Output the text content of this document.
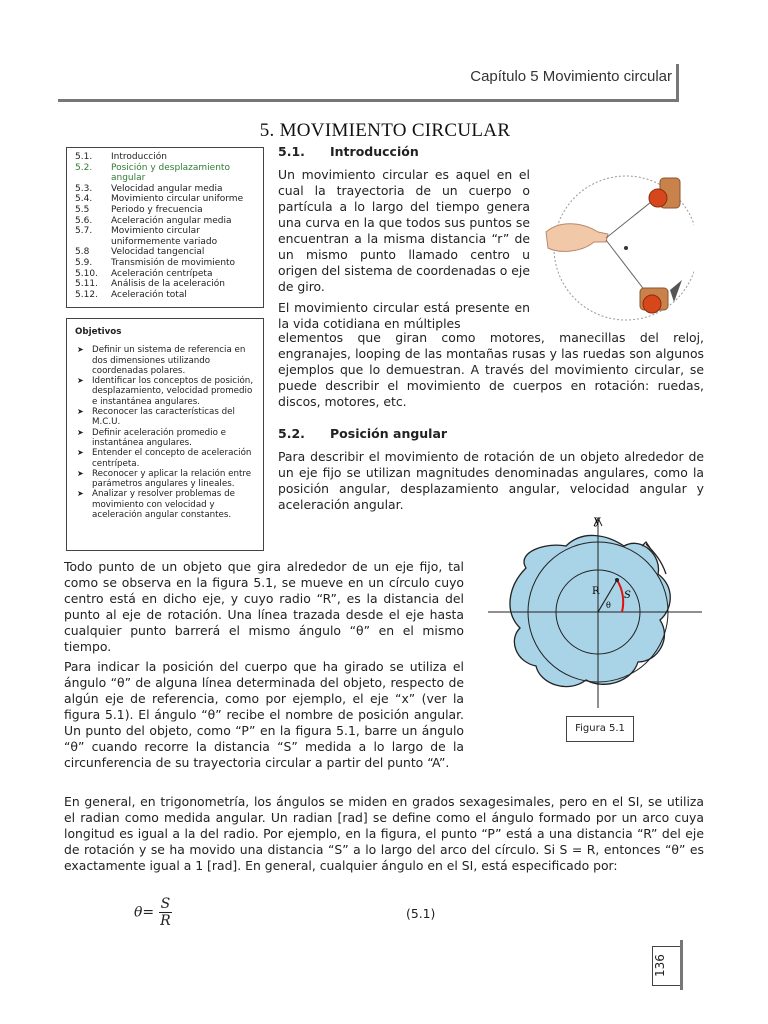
Capítulo 5 Movimiento circular
5. MOVIMIENTO CIRCULAR
5.1.	Introducción
5.2.	Posición y desplazamiento angular
5.3.	Velocidad angular media
5.4.	Movimiento circular uniforme
5.5	Periodo y frecuencia
5.6.	Aceleración angular media
5.7.	Movimiento circular uniformemente variado
5.8	Velocidad tangencial
5.9.	Transmisión de movimiento
5.10.	Aceleración centrípeta
5.11.	Análisis de la aceleración
5.12.	Aceleración total
Objetivos
➤ Definir un sistema de referencia en dos dimensiones utilizando coordenadas polares.
➤ Identificar los conceptos de posición, desplazamiento, velocidad promedio e instantánea angulares.
➤ Reconocer las características del M.C.U.
➤ Definir aceleración promedio e instantánea angulares.
➤ Entender el concepto de aceleración centrípeta.
➤ Reconocer y aplicar la relación entre parámetros angulares y lineales.
➤ Analizar y resolver problemas de movimiento con velocidad y aceleración angular constantes.
5.1. Introducción
Un movimiento circular es aquel en el cual la trayectoria de un cuerpo o partícula a lo largo del tiempo genera una curva en la que todos sus puntos se encuentran a la misma distancia “r” de un mismo punto llamado centro u origen del sistema de coordenadas o eje de giro.
El movimiento circular está presente en la vida cotidiana en múltiples
elementos que giran como motores, manecillas del reloj, engranajes, looping de las montañas rusas y las ruedas son algunos ejemplos que lo demuestran. A través del movimiento circular, se puede describir el movimiento de cuerpos en rotación: ruedas, discos, motores, etc.
5.2. Posición angular
Para describir el movimiento de rotación de un objeto alrededor de un eje fijo se utilizan magnitudes denominadas angulares, como la posición angular, desplazamiento angular, velocidad angular y aceleración angular.
Todo punto de un objeto que gira alrededor de un eje fijo, tal como se observa en la figura 5.1, se mueve en un círculo cuyo centro está en dicho eje, y cuyo radio “R”, es la distancia del punto al eje de rotación. Una línea trazada desde el eje hasta cualquier punto barrerá el mismo ángulo “θ” en el mismo tiempo.
Para indicar la posición del cuerpo que ha girado se utiliza el ángulo “θ” de alguna línea determinada del objeto, respecto de algún eje de referencia, como por ejemplo, el eje “x” (ver la figura 5.1). El ángulo “θ” recibe el nombre de posición angular. Un punto del objeto, como “P” en la figura 5.1, barre un ángulo “θ” cuando recorre la distancia “S” medida a lo largo de la circunferencia de su trayectoria circular a partir del punto “A”.
En general, en trigonometría, los ángulos se miden en grados sexagesimales, pero en el SI, se utiliza el radian como medida angular. Un radian [rad] se define como el ángulo formado por un arco cuya longitud es igual a la del radio. Por ejemplo, en la figura, el punto “P” está a una distancia “R” del eje de rotación y se ha movido una distancia “S” a lo largo del arco del círculo. Si S = R, entonces “θ” es exactamente igual a 1 [rad]. En general, cualquier ángulo en el SI, está especificado por:
y
R S
θ
Figura 5.1
$\theta= \frac{S}{R}$	(5.1)
136
